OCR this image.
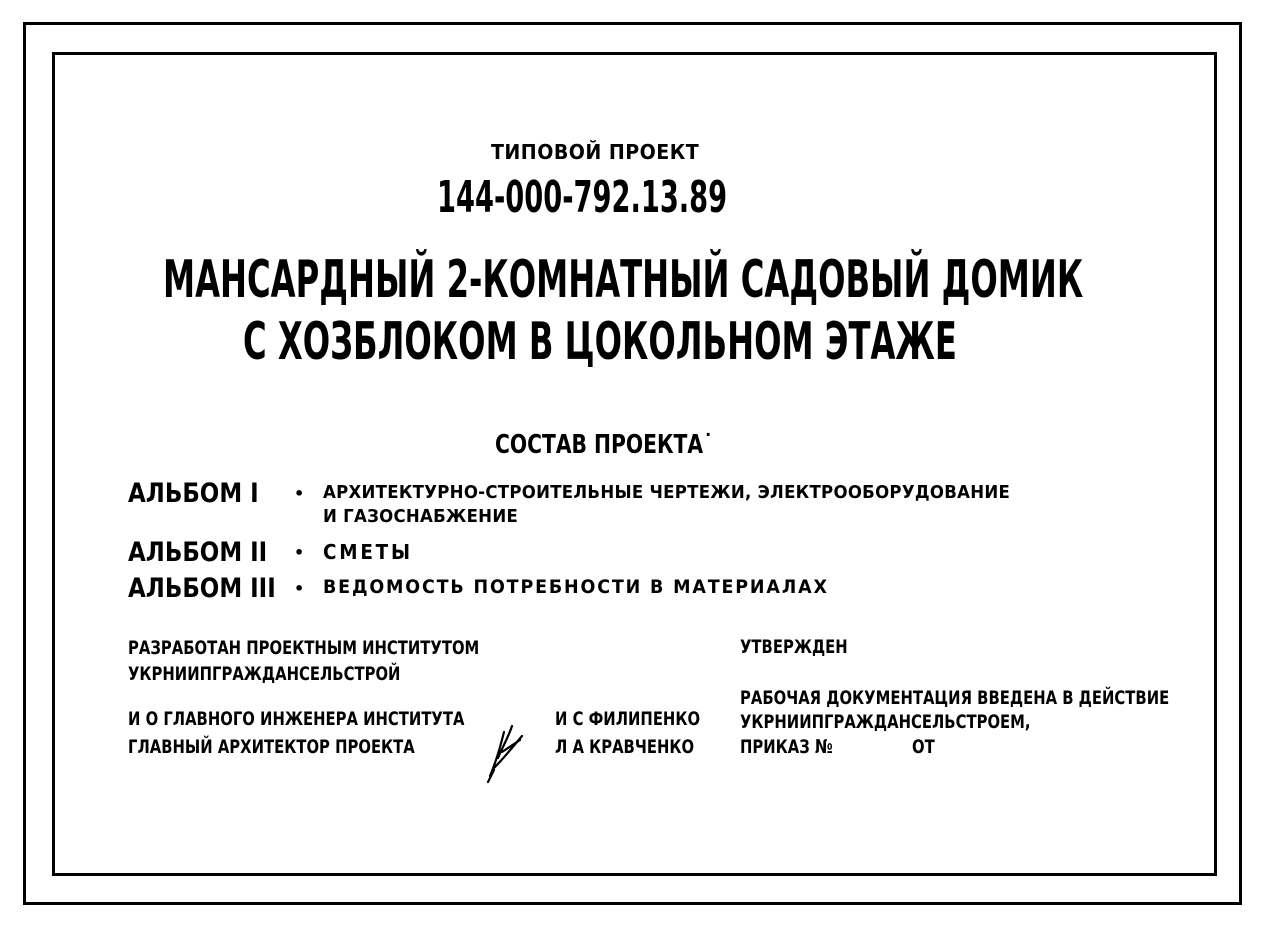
ТИПОВОЙ ПРОЕКТ
144-000-792.13.89
МАНСАРДНЫЙ 2-КОМНАТНЫЙ САДОВЫЙ ДОМИК
С ХОЗБЛОКОМ В ЦОКОЛЬНОМ ЭТАЖЕ
СОСТАВ ПРОЕКТА˙
АЛЬБОМ I • АРХИТЕКТУРНО-СТРОИТЕЛЬНЫЕ ЧЕРТЕЖИ, ЭЛЕКТРООБОРУДОВАНИЕ
И ГАЗОСНАБЖЕНИЕ
АЛЬБОМ II • СМЕТЫ
АЛЬБОМ III • ВЕДОМОСТЬ ПОТРЕБНОСТИ В МАТЕРИАЛАХ
РАЗРАБОТАН ПРОЕКТНЫМ ИНСТИТУТОМ
УКРНИИПГРАЖДАНСЕЛЬСТРОЙ
И О ГЛАВНОГО ИНЖЕНЕРА ИНСТИТУТА
ГЛАВНЫЙ АРХИТЕКТОР ПРОЕКТА
И С ФИЛИПЕНКО
Л А КРАВЧЕНКО
УТВЕРЖДЕН
РАБОЧАЯ ДОКУМЕНТАЦИЯ ВВЕДЕНА В ДЕЙСТВИЕ
УКРНИИПГРАЖДАНСЕЛЬСТРОЕМ,
ПРИКАЗ №	ОТ
